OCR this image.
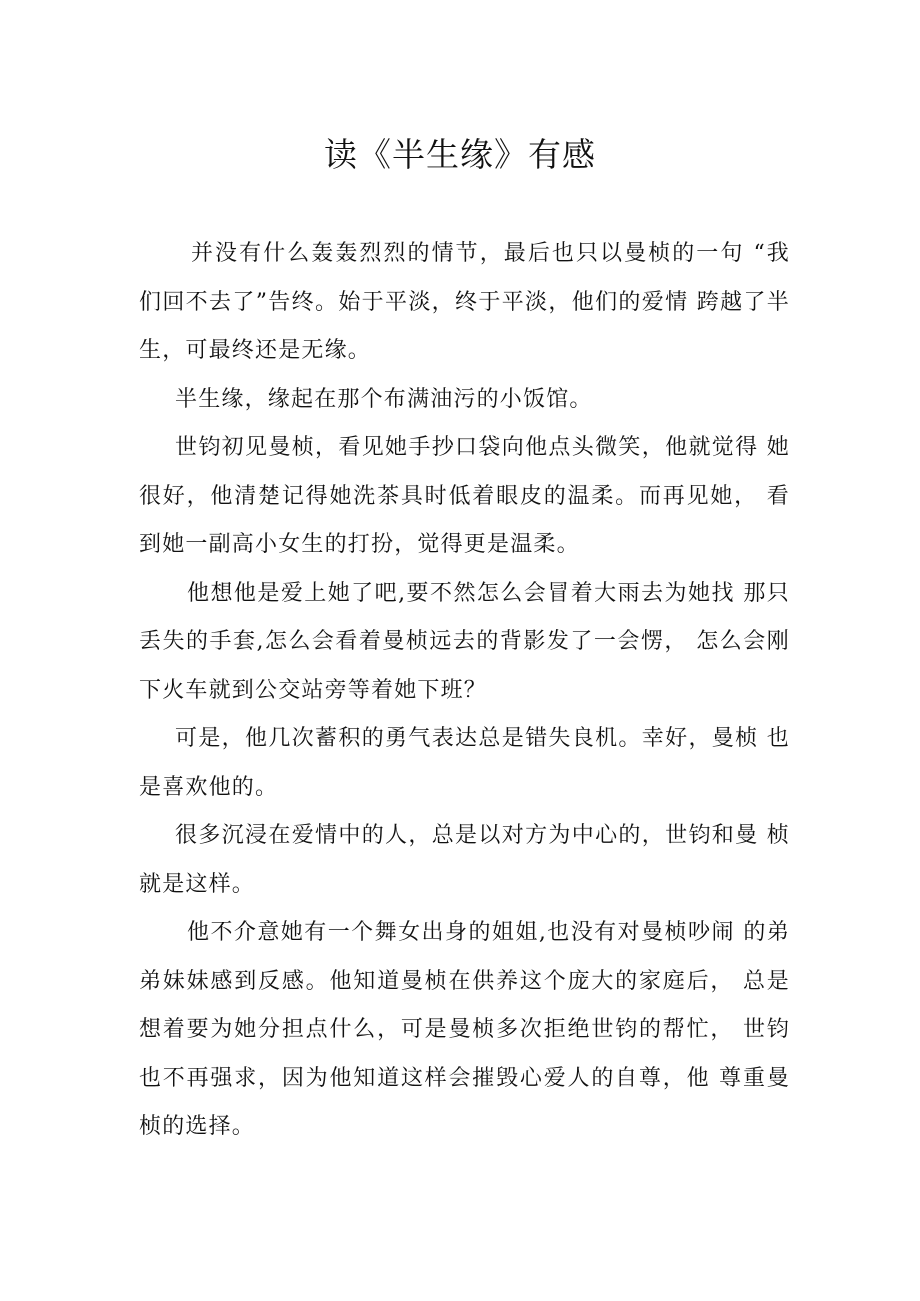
读《半生缘》有感

并没有什么轰轰烈烈的情节，最后也只以曼桢的一句 “我们回不去了”告终。始于平淡，终于平淡，他们的爱情 跨越了半生，可最终还是无缘。

半生缘，缘起在那个布满油污的小饭馆。

世钧初见曼桢，看见她手抄口袋向他点头微笑，他就觉得 她很好，他清楚记得她洗茶具时低着眼皮的温柔。而再见她， 看到她一副高小女生的打扮，觉得更是温柔。

他想他是爱上她了吧,要不然怎么会冒着大雨去为她找 那只丢失的手套,怎么会看着曼桢远去的背影发了一会愣， 怎么会刚下火车就到公交站旁等着她下班？

可是，他几次蓄积的勇气表达总是错失良机。幸好，曼桢 也是喜欢他的。

很多沉浸在爱情中的人，总是以对方为中心的，世钧和曼 桢就是这样。

他不介意她有一个舞女出身的姐姐,也没有对曼桢吵闹 的弟弟妹妹感到反感。他知道曼桢在供养这个庞大的家庭后， 总是想着要为她分担点什么，可是曼桢多次拒绝世钧的帮忙， 世钧也不再强求，因为他知道这样会摧毁心爱人的自尊，他 尊重曼桢的选择。
